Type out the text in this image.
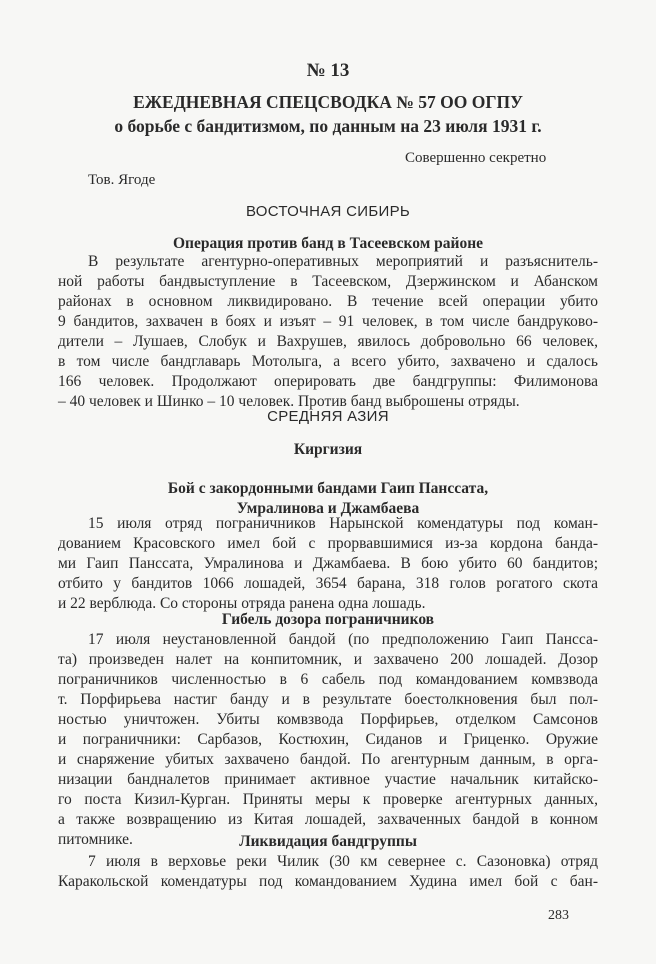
№ 13

ЕЖЕДНЕВНАЯ СПЕЦСВОДКА № 57 ОО ОГПУ
о борьбе с бандитизмом, по данным на 23 июля 1931 г.

Совершенно секретно

Тов. Ягоде

ВОСТОЧНАЯ СИБИРЬ

Операция против банд в Тасеевском районе
В результате агентурно-оперативных мероприятий и разъяснитель-
ной работы бандвыступление в Тасеевском, Дзержинском и Абанском
районах в основном ликвидировано. В течение всей операции убито
9 бандитов, захвачен в боях и изъят – 91 человек, в том числе бандруково-
дители – Лушаев, Слобук и Вахрушев, явилось добровольно 66 человек,
в том числе бандглаварь Мотолыга, а всего убито, захвачено и сдалось
166 человек. Продолжают оперировать две бандгруппы: Филимонова
– 40 человек и Шинко – 10 человек. Против банд выброшены отряды.

СРЕДНЯЯ АЗИЯ

Киргизия
Бой с закордонными бандами Гаип Панссата,
Умралинова и Джамбаева
15 июля отряд пограничников Нарынской комендатуры под коман-
дованием Красовского имел бой с прорвавшимися из-за кордона банда-
ми Гаип Панссата, Умралинова и Джамбаева. В бою убито 60 бандитов;
отбито у бандитов 1066 лошадей, 3654 барана, 318 голов рогатого скота
и 22 верблюда. Со стороны отряда ранена одна лошадь.
Гибель дозора пограничников
17 июля неустановленной бандой (по предположению Гаип Пансса-
та) произведен налет на конпитомник, и захвачено 200 лошадей. Дозор
пограничников численностью в 6 сабель под командованием комвзвода
т. Порфирьева настиг банду и в результате боестолкновения был пол-
ностью уничтожен. Убиты комвзвода Порфирьев, отделком Самсонов
и пограничники: Сарбазов, Костюхин, Сиданов и Гриценко. Оружие
и снаряжение убитых захвачено бандой. По агентурным данным, в орга-
низации бандналетов принимает активное участие начальник китайско-
го поста Кизил-Курган. Приняты меры к проверке агентурных данных,
а также возвращению из Китая лошадей, захваченных бандой в конном
питомнике.	Ликвидация бандгруппы
7 июля в верховье реки Чилик (30 км севернее с. Сазоновка) отряд
Каракольской комендатуры под командованием Худина имел бой с бан-

283
